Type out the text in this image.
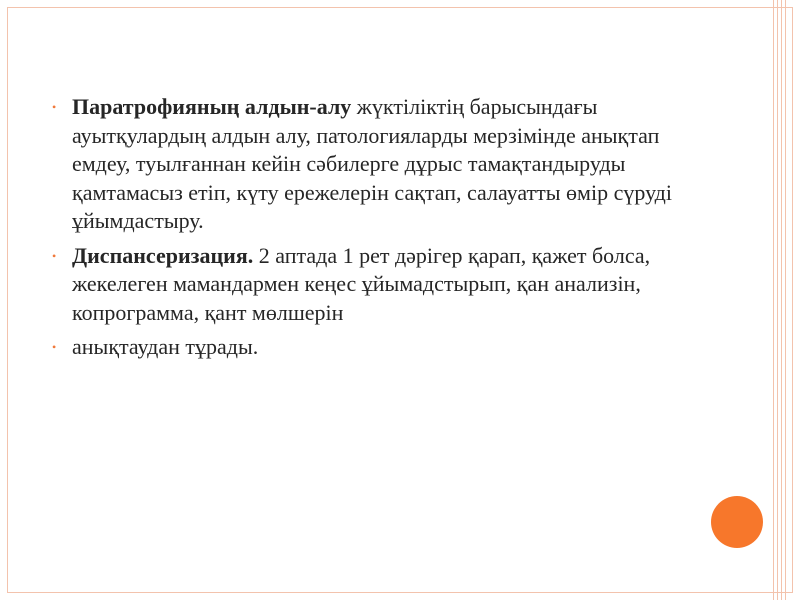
• Паратрофияның алдын-алу жүктіліктің барысындағы ауытқулардың алдын алу, патологияларды мерзімінде анықтап емдеу, туылғаннан кейін сәбилерге дұрыс тамақтандыруды қамтамасыз етіп, күту ережелерін сақтап, салауатты өмір сүруді ұйымдастыру.
• Диспансеризация. 2 аптада 1 рет дәрігер қарап, қажет болса, жекелеген мамандармен кеңес ұйымадстырып, қан анализін, копрограмма, қант мөлшерін
• анықтаудан тұрады.
